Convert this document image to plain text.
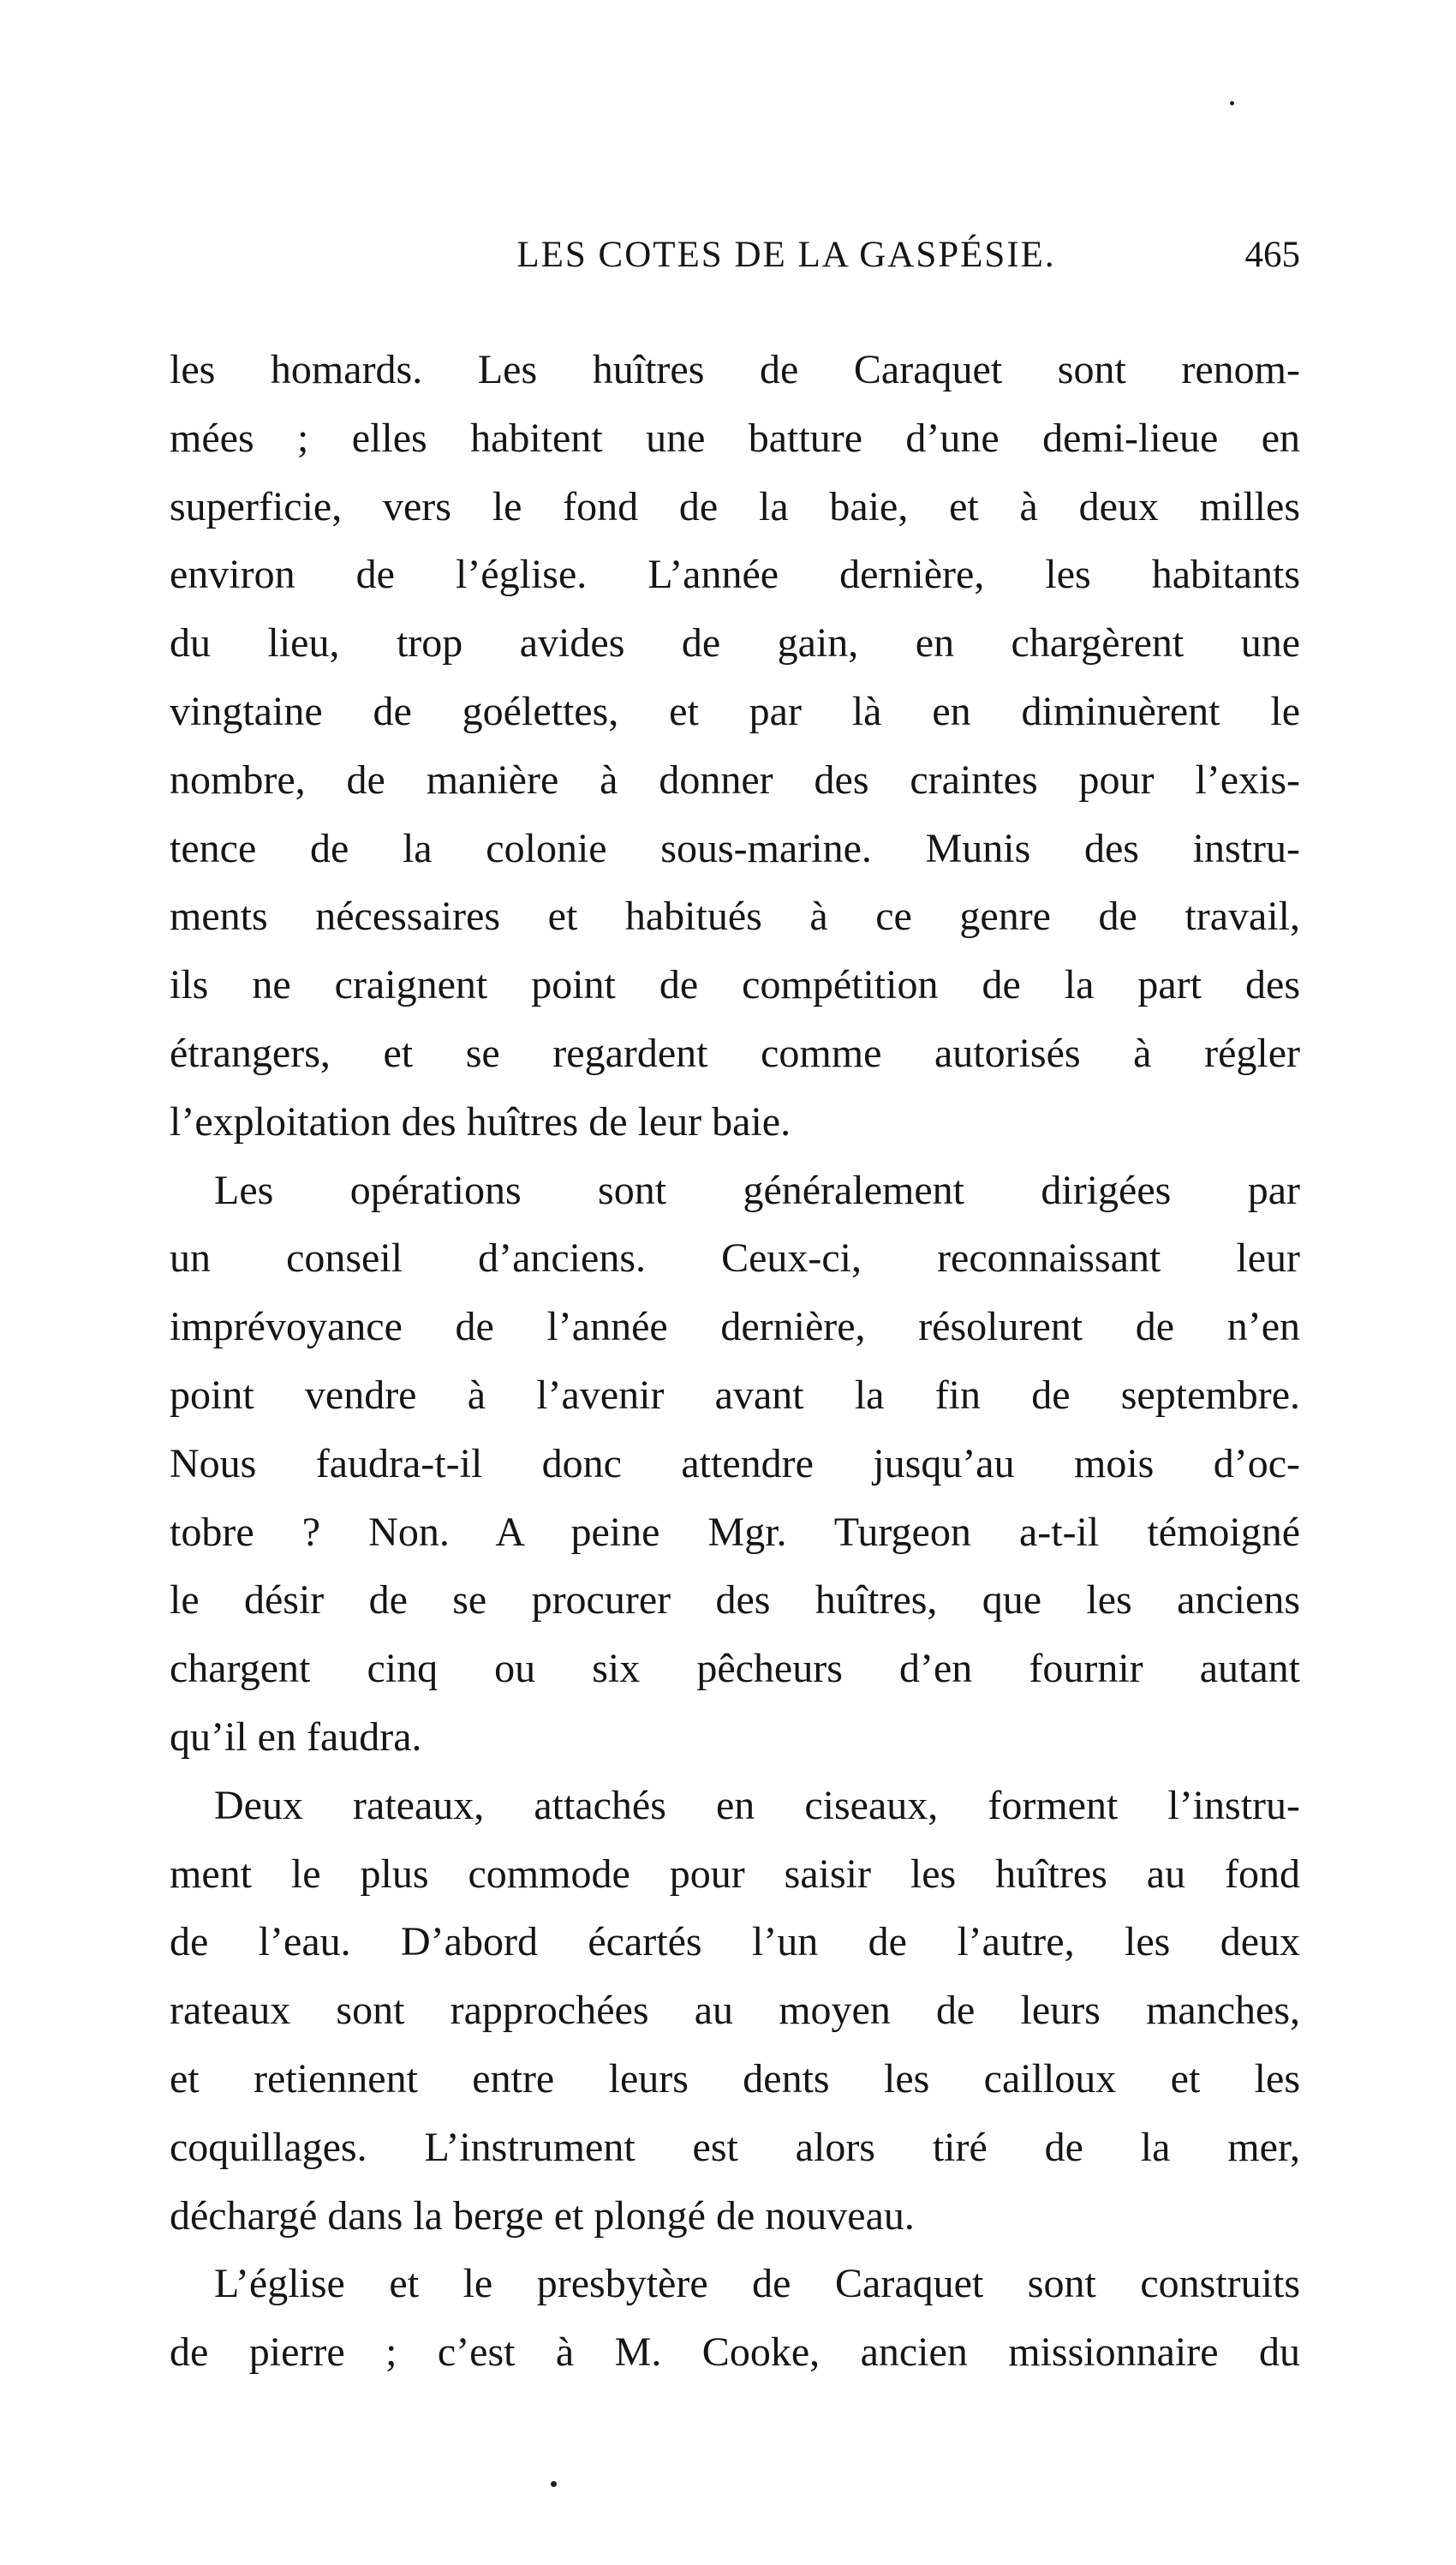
LES COTES DE LA GASPÉSIE.	465
les homards. Les huîtres de Caraquet sont renom-
mées ; elles habitent une batture d’une demi-lieue en
superficie, vers le fond de la baie, et à deux milles
environ de l’église. L’année dernière, les habitants
du lieu, trop avides de gain, en chargèrent une
vingtaine de goélettes, et par là en diminuèrent le
nombre, de manière à donner des craintes pour l’exis-
tence de la colonie sous-marine. Munis des instru-
ments nécessaires et habitués à ce genre de travail,
ils ne craignent point de compétition de la part des
étrangers, et se regardent comme autorisés à régler
l’exploitation des huîtres de leur baie.
Les opérations sont généralement dirigées par
un conseil d’anciens. Ceux-ci, reconnaissant leur
imprévoyance de l’année dernière, résolurent de n’en
point vendre à l’avenir avant la fin de septembre.
Nous faudra-t-il donc attendre jusqu’au mois d’oc-
tobre ? Non. A peine Mgr. Turgeon a-t-il témoigné
le désir de se procurer des huîtres, que les anciens
chargent cinq ou six pêcheurs d’en fournir autant
qu’il en faudra.
Deux rateaux, attachés en ciseaux, forment l’instru-
ment le plus commode pour saisir les huîtres au fond
de l’eau. D’abord écartés l’un de l’autre, les deux
rateaux sont rapprochées au moyen de leurs manches,
et retiennent entre leurs dents les cailloux et les
coquillages. L’instrument est alors tiré de la mer,
déchargé dans la berge et plongé de nouveau.
L’église et le presbytère de Caraquet sont construits
de pierre ; c’est à M. Cooke, ancien missionnaire du
